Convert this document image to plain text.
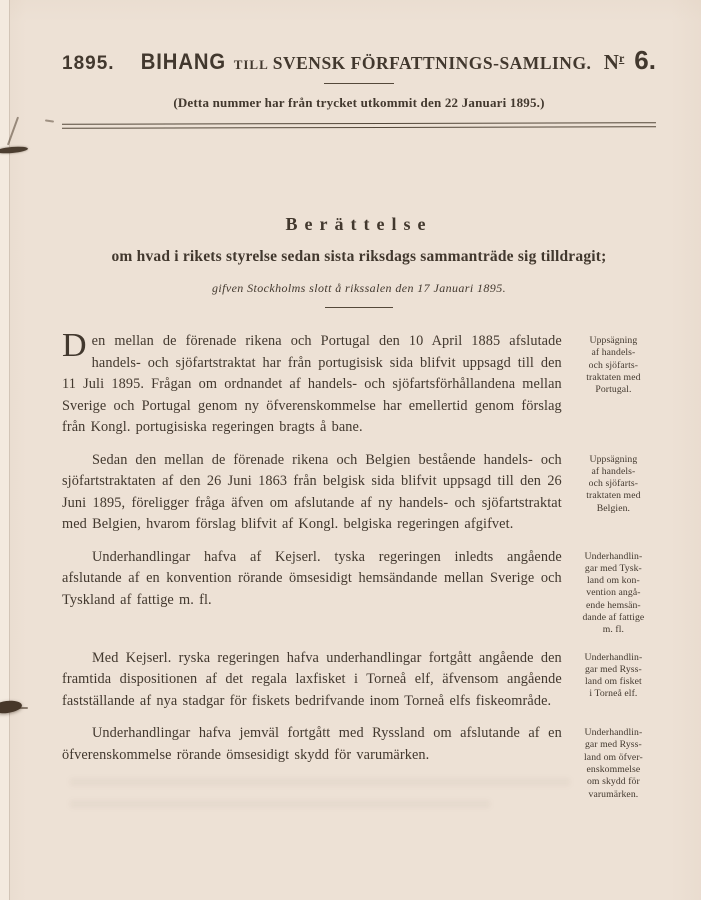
1895. BIHANG TILL SVENSK FÖRFATTNINGS-SAMLING. $N^r$ 6.
(Detta nummer har från trycket utkommit den 22 Januari 1895.)
Berättelse
om hvad i rikets styrelse sedan sista riksdags sammanträde sig tilldragit;
gifven Stockholms slott å rikssalen den 17 Januari 1895.
Den mellan de förenade rikena och Portugal den 10 April 1885 afslutade handels- och sjöfartstraktat har från portugisisk sida blifvit uppsagd till den 11 Juli 1895. Frågan om ordnandet af handels- och sjöfartsförhållandena mellan Sverige och Portugal genom ny öfverenskommelse har emellertid genom förslag från Kongl. portugisiska regeringen bragts å bane.
Uppsägning
af handels-
och sjöfarts-
traktaten med
Portugal.
Sedan den mellan de förenade rikena och Belgien bestående handels- och sjöfartstraktaten af den 26 Juni 1863 från belgisk sida blifvit uppsagd till den 26 Juni 1895, föreligger fråga äfven om afslutande af ny handels- och sjöfartstraktat med Belgien, hvarom förslag blifvit af Kongl. belgiska regeringen afgifvet.
Uppsägning
af handels-
och sjöfarts-
traktaten med
Belgien.
Underhandlingar hafva af Kejserl. tyska regeringen inledts angående afslutande af en konvention rörande ömsesidigt hemsändande mellan Sverige och Tyskland af fattige m. fl.
Underhandlin-
gar med Tysk-
land om kon-
vention angå-
ende hemsän-
dande af fattige
m. fl.
Med Kejserl. ryska regeringen hafva underhandlingar fortgått angående den framtida dispositionen af det regala laxfisket i Torneå elf, äfvensom angående fastställande af nya stadgar för fiskets bedrifvande inom Torneå elfs fiskeområde.
Underhandlin-
gar med Ryss-
land om fisket
i Torneå elf.
Underhandlingar hafva jemväl fortgått med Ryssland om afslutande af en öfverenskommelse rörande ömsesidigt skydd för varumärken.
Underhandlin-
gar med Ryss-
land om öfver-
enskommelse
om skydd för
varumärken.
